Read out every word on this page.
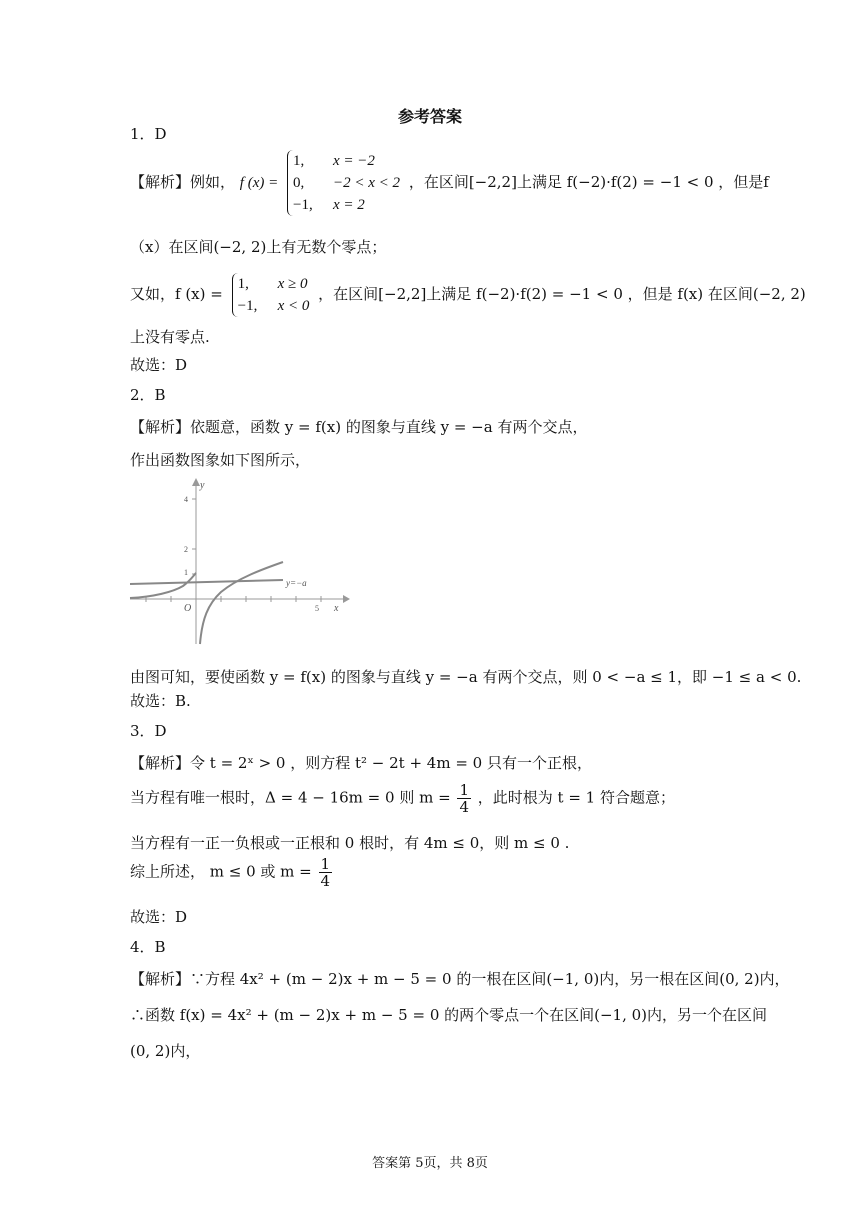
参考答案
1．D
【解析】例如， f (x) =
1, x = −2
0, −2 < x < 2
−1, x = 2
，在区间[−2,2]上满足 f(−2)·f(2) = −1 < 0 ，但是f
（x）在区间(−2, 2)上有无数个零点；
又如，f (x) =
1, x ≥ 0
−1, x < 0
，在区间[−2,2]上满足 f(−2)·f(2) = −1 < 0 ，但是 f(x) 在区间(−2, 2)
上没有零点.
故选：D
2．B
【解析】依题意，函数 y = f(x) 的图象与直线 y = −a 有两个交点，
作出函数图象如下图所示，
4
2
1
5
y
x
O
y=−a
由图可知，要使函数 y = f(x) 的图象与直线 y = −a 有两个交点，则 0 < −a ≤ 1，即 −1 ≤ a < 0.
故选：B.
3．D
【解析】令 t = 2ˣ > 0 ，则方程 t² − 2t + 4m = 0 只有一个正根，
当方程有唯一根时，Δ = 4 − 16m = 0 则 $m = \frac{1}{4}$ ，此时根为 t = 1 符合题意；
当方程有一正一负根或一正根和 0 根时，有 4m ≤ 0，则 m ≤ 0 .
综上所述， m ≤ 0 或 $m = \frac{1}{4}$
故选：D
4．B
【解析】∵方程 4x² + (m − 2)x + m − 5 = 0 的一根在区间(−1, 0)内，另一根在区间(0, 2)内，
∴函数 f(x) = 4x² + (m − 2)x + m − 5 = 0 的两个零点一个在区间(−1, 0)内，另一个在区间
(0, 2)内，
答案第 5页，共 8页
